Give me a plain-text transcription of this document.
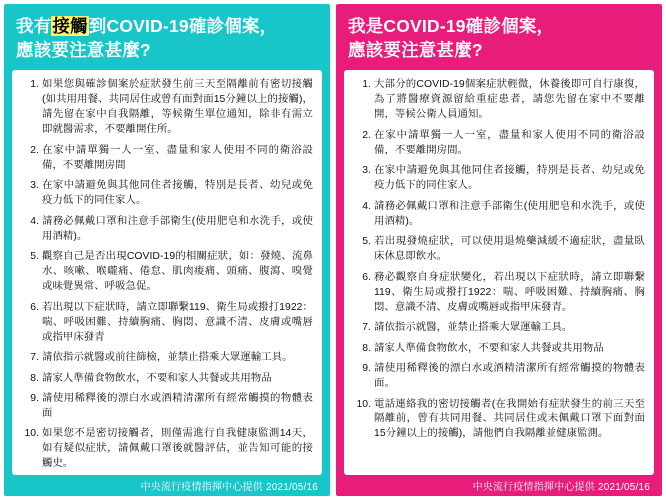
我有接觸到COVID-19確診個案，
應該要注意甚麼?
1. 如果您與確診個案於症狀發生前三天至隔離前有密切接觸(如共用用餐、共同居住或曾有面對面15分鐘以上的接觸)，請先留在家中自我隔離，等候衛生單位通知，除非有需立即就醫需求，不要離開住所。
2. 在家中請單獨一人一室、盡量和家人使用不同的衛浴設備，不要離開房間
3. 在家中請避免與其他同住者接觸，特別是長者、幼兒或免疫力低下的同住家人。
4. 請務必佩戴口罩和注意手部衛生(使用肥皂和水洗手，或使用酒精)。
5. 觀察自己是否出現COVID-19的相關症狀，如：發燒、流鼻水、咳嗽、喉嚨痛、倦怠、肌肉痠痛、頭痛、腹瀉、嗅覺或味覺異常、呼吸急促。
6. 若出現以下症狀時，請立即聯繫119、衛生局或撥打1922：喘、呼吸困難、持續胸痛、胸悶、意識不清、皮膚或嘴唇或指甲床發青
7. 請依指示就醫或前往篩檢，並禁止搭乘大眾運輸工具。
8. 請家人準備食物飲水，不要和家人共餐或共用物品
9. 請使用稀釋後的漂白水或酒精清潔所有經常觸摸的物體表面
10. 如果您不是密切接觸者，則僅需進行自我健康監測14天，如有疑似症狀，請佩戴口罩後就醫評估，並告知可能的接觸史。
中央流行疫情指揮中心提供 2021/05/16
我是COVID-19確診個案，
應該要注意甚麼?
1. 大部分的COVID-19個案症狀輕微，休養後即可自行康復，為了將醫療資源留給重症患者，請您先留在家中不要離開，等候公衛人員通知。
2. 在家中請單獨一人一室，盡量和家人使用不同的衛浴設備，不要離開房間。
3. 在家中請避免與其他同住者接觸，特別是長者、幼兒或免疫力低下的同住家人。
4. 請務必佩戴口罩和注意手部衛生(使用肥皂和水洗手，或使用酒精)。
5. 若出現發燒症狀，可以使用退燒藥減緩不適症狀，盡量臥床休息即飲水。
6. 務必觀察自身症狀變化，若出現以下症狀時，請立即聯繫119、衛生局或撥打1922：喘、呼吸困難、持續胸痛、胸悶、意識不清、皮膚或嘴唇或指甲床發青。
7. 請依指示就醫，並禁止搭乘大眾運輸工具。
8. 請家人準備食物飲水，不要和家人共餐或共用物品
9. 請使用稀釋後的漂白水或酒精清潔所有經常觸摸的物體表面。
10. 電話連絡我的密切接觸者(在我開始有症狀發生的前三天至隔離前，曾有共同用餐、共同居住或未佩戴口罩下面對面15分鐘以上的接觸)，請他們自我隔離並健康監測。
中央流行疫情指揮中心提供 2021/05/16
